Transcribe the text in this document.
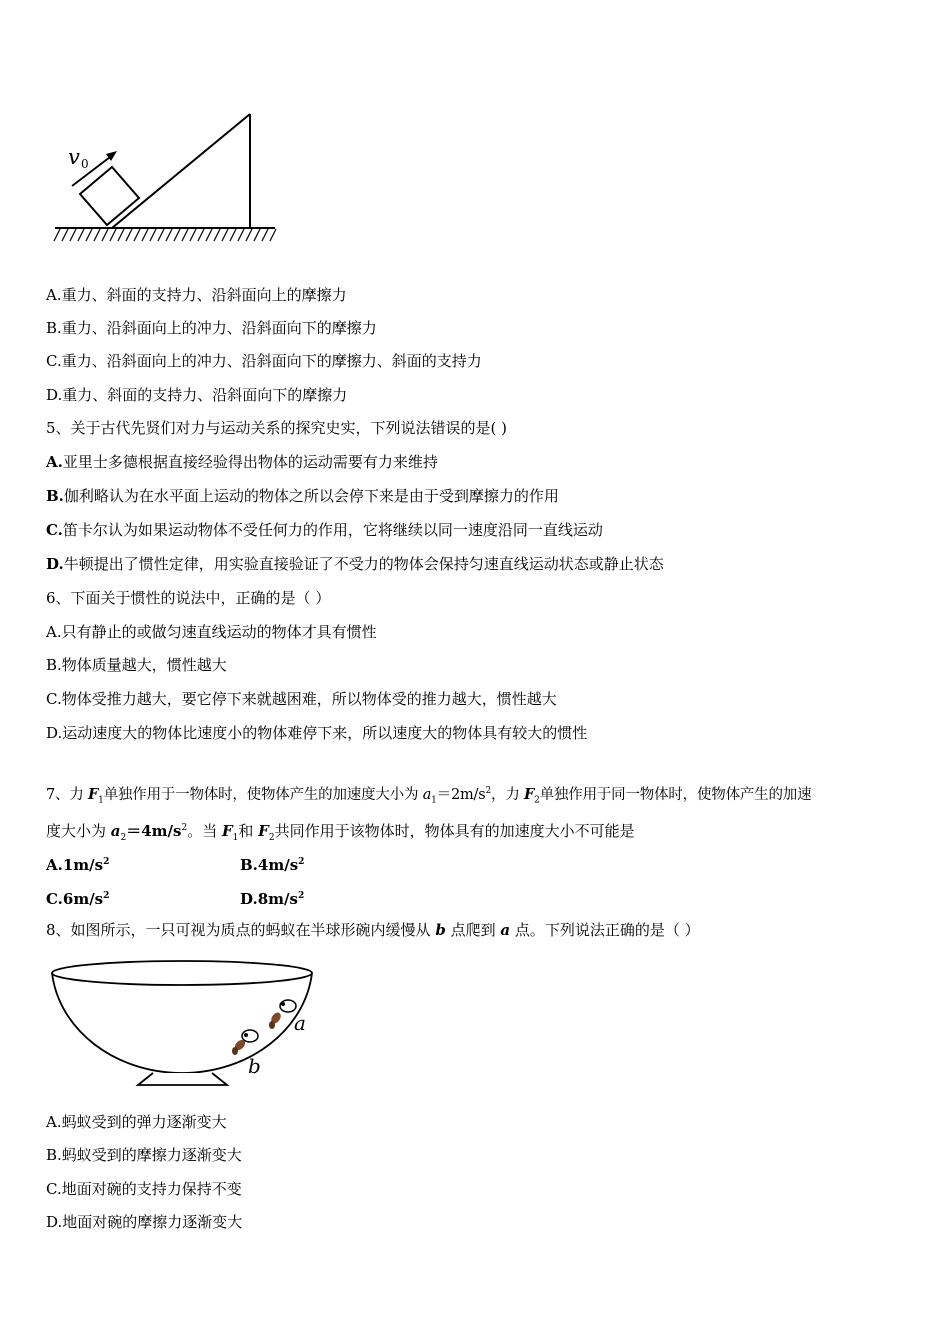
v 0
A.重力、斜面的支持力、沿斜面向上的摩擦力
B.重力、沿斜面向上的冲力、沿斜面向下的摩擦力
C.重力、沿斜面向上的冲力、沿斜面向下的摩擦力、斜面的支持力
D.重力、斜面的支持力、沿斜面向下的摩擦力
5、关于古代先贤们对力与运动关系的探究史实，下列说法错误的是( )
A.亚里士多德根据直接经验得出物体的运动需要有力来维持
B.伽利略认为在水平面上运动的物体之所以会停下来是由于受到摩擦力的作用
C.笛卡尔认为如果运动物体不受任何力的作用，它将继续以同一速度沿同一直线运动
D.牛顿提出了惯性定律，用实验直接验证了不受力的物体会保持匀速直线运动状态或静止状态
6、下面关于惯性的说法中，正确的是（ ）
A.只有静止的或做匀速直线运动的物体才具有惯性
B.物体质量越大，惯性越大
C.物体受推力越大，要它停下来就越困难，所以物体受的推力越大，惯性越大
D.运动速度大的物体比速度小的物体难停下来，所以速度大的物体具有较大的惯性
7、力 $F_1$单独作用于一物体时，使物体产生的加速度大小为 $a_1=2m/s^2$，力 $F_2$单独作用于同一物体时，使物体产生的加速
度大小为 $a_2=4m/s^2$。当 $F_1$和 $F_2$共同作用于该物体时，物体具有的加速度大小不可能是
$A.1m/s^2$	$B.4m/s^2$
$C.6m/s^2$	$D.8m/s^2$
8、如图所示，一只可视为质点的蚂蚁在半球形碗内缓慢从 b 点爬到 a 点。下列说法正确的是（ ）
a
b
A.蚂蚁受到的弹力逐渐变大
B.蚂蚁受到的摩擦力逐渐变大
C.地面对碗的支持力保持不变
D.地面对碗的摩擦力逐渐变大
